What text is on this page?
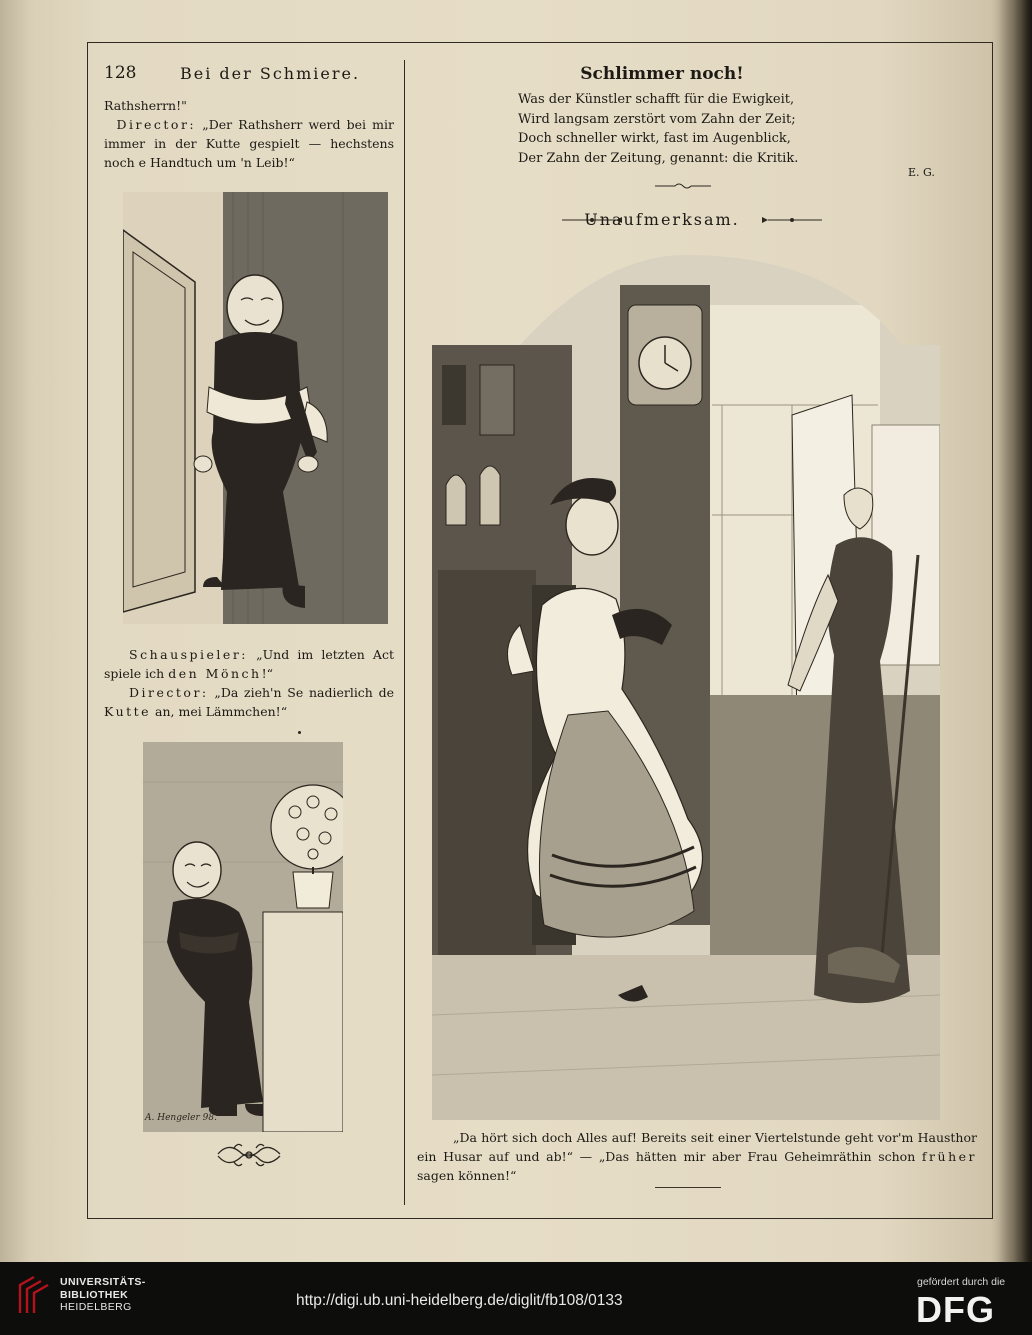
128	Bei der Schmiere.
Rathsherrn!"
 Director: „Der Rathsherr werd bei mir immer in der Kutte gespielt — hechstens noch e Handtuch um 'n Leib!“
  Schauspieler: „Und im letzten Act spiele ich den Mönch!“
  Director: „Da zieh'n Se nadierlich de Kutte an, mei Lämmchen!“
A. Hengeler 98.
Schlimmer noch!
Was der Künstler schafft für die Ewigkeit,
Wird langsam zerstört vom Zahn der Zeit;
Doch schneller wirkt, fast im Augenblick,
Der Zahn der Zeitung, genannt: die Kritik.
E. G.
Unaufmerksam.
„Da hört sich doch Alles auf! Bereits seit einer Viertelstunde geht vor'm Hausthor ein Husar auf und ab!“ — „Das hätten mir aber Frau Geheimräthin schon früher sagen können!“
UNIVERSITÄTS-
BIBLIOTHEK
HEIDELBERG	http://digi.ub.uni-heidelberg.de/diglit/fb108/0133
gefördert durch die
DFG
